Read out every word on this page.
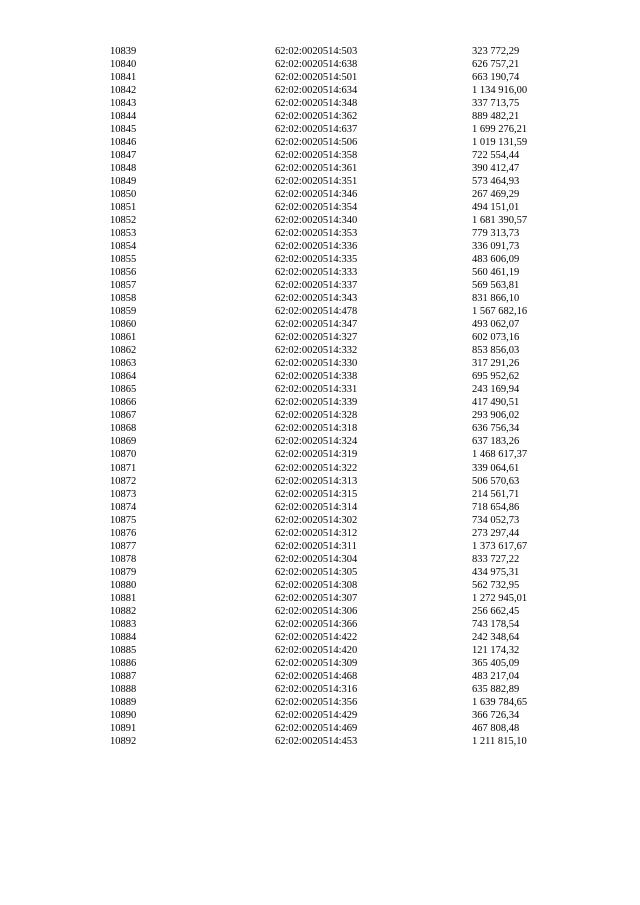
10839	62:02:0020514:503	323 772,29
10840	62:02:0020514:638	626 757,21
10841	62:02:0020514:501	663 190,74
10842	62:02:0020514:634	1 134 916,00
10843	62:02:0020514:348	337 713,75
10844	62:02:0020514:362	889 482,21
10845	62:02:0020514:637	1 699 276,21
10846	62:02:0020514:506	1 019 131,59
10847	62:02:0020514:358	722 554,44
10848	62:02:0020514:361	390 412,47
10849	62:02:0020514:351	573 464,93
10850	62:02:0020514:346	267 469,29
10851	62:02:0020514:354	494 151,01
10852	62:02:0020514:340	1 681 390,57
10853	62:02:0020514:353	779 313,73
10854	62:02:0020514:336	336 091,73
10855	62:02:0020514:335	483 606,09
10856	62:02:0020514:333	560 461,19
10857	62:02:0020514:337	569 563,81
10858	62:02:0020514:343	831 866,10
10859	62:02:0020514:478	1 567 682,16
10860	62:02:0020514:347	493 062,07
10861	62:02:0020514:327	602 073,16
10862	62:02:0020514:332	853 856,03
10863	62:02:0020514:330	317 291,26
10864	62:02:0020514:338	695 952,62
10865	62:02:0020514:331	243 169,94
10866	62:02:0020514:339	417 490,51
10867	62:02:0020514:328	293 906,02
10868	62:02:0020514:318	636 756,34
10869	62:02:0020514:324	637 183,26
10870	62:02:0020514:319	1 468 617,37
10871	62:02:0020514:322	339 064,61
10872	62:02:0020514:313	506 570,63
10873	62:02:0020514:315	214 561,71
10874	62:02:0020514:314	718 654,86
10875	62:02:0020514:302	734 052,73
10876	62:02:0020514:312	273 297,44
10877	62:02:0020514:311	1 373 617,67
10878	62:02:0020514:304	833 727,22
10879	62:02:0020514:305	434 975,31
10880	62:02:0020514:308	562 732,95
10881	62:02:0020514:307	1 272 945,01
10882	62:02:0020514:306	256 662,45
10883	62:02:0020514:366	743 178,54
10884	62:02:0020514:422	242 348,64
10885	62:02:0020514:420	121 174,32
10886	62:02:0020514:309	365 405,09
10887	62:02:0020514:468	483 217,04
10888	62:02:0020514:316	635 882,89
10889	62:02:0020514:356	1 639 784,65
10890	62:02:0020514:429	366 726,34
10891	62:02:0020514:469	467 808,48
10892	62:02:0020514:453	1 211 815,10
